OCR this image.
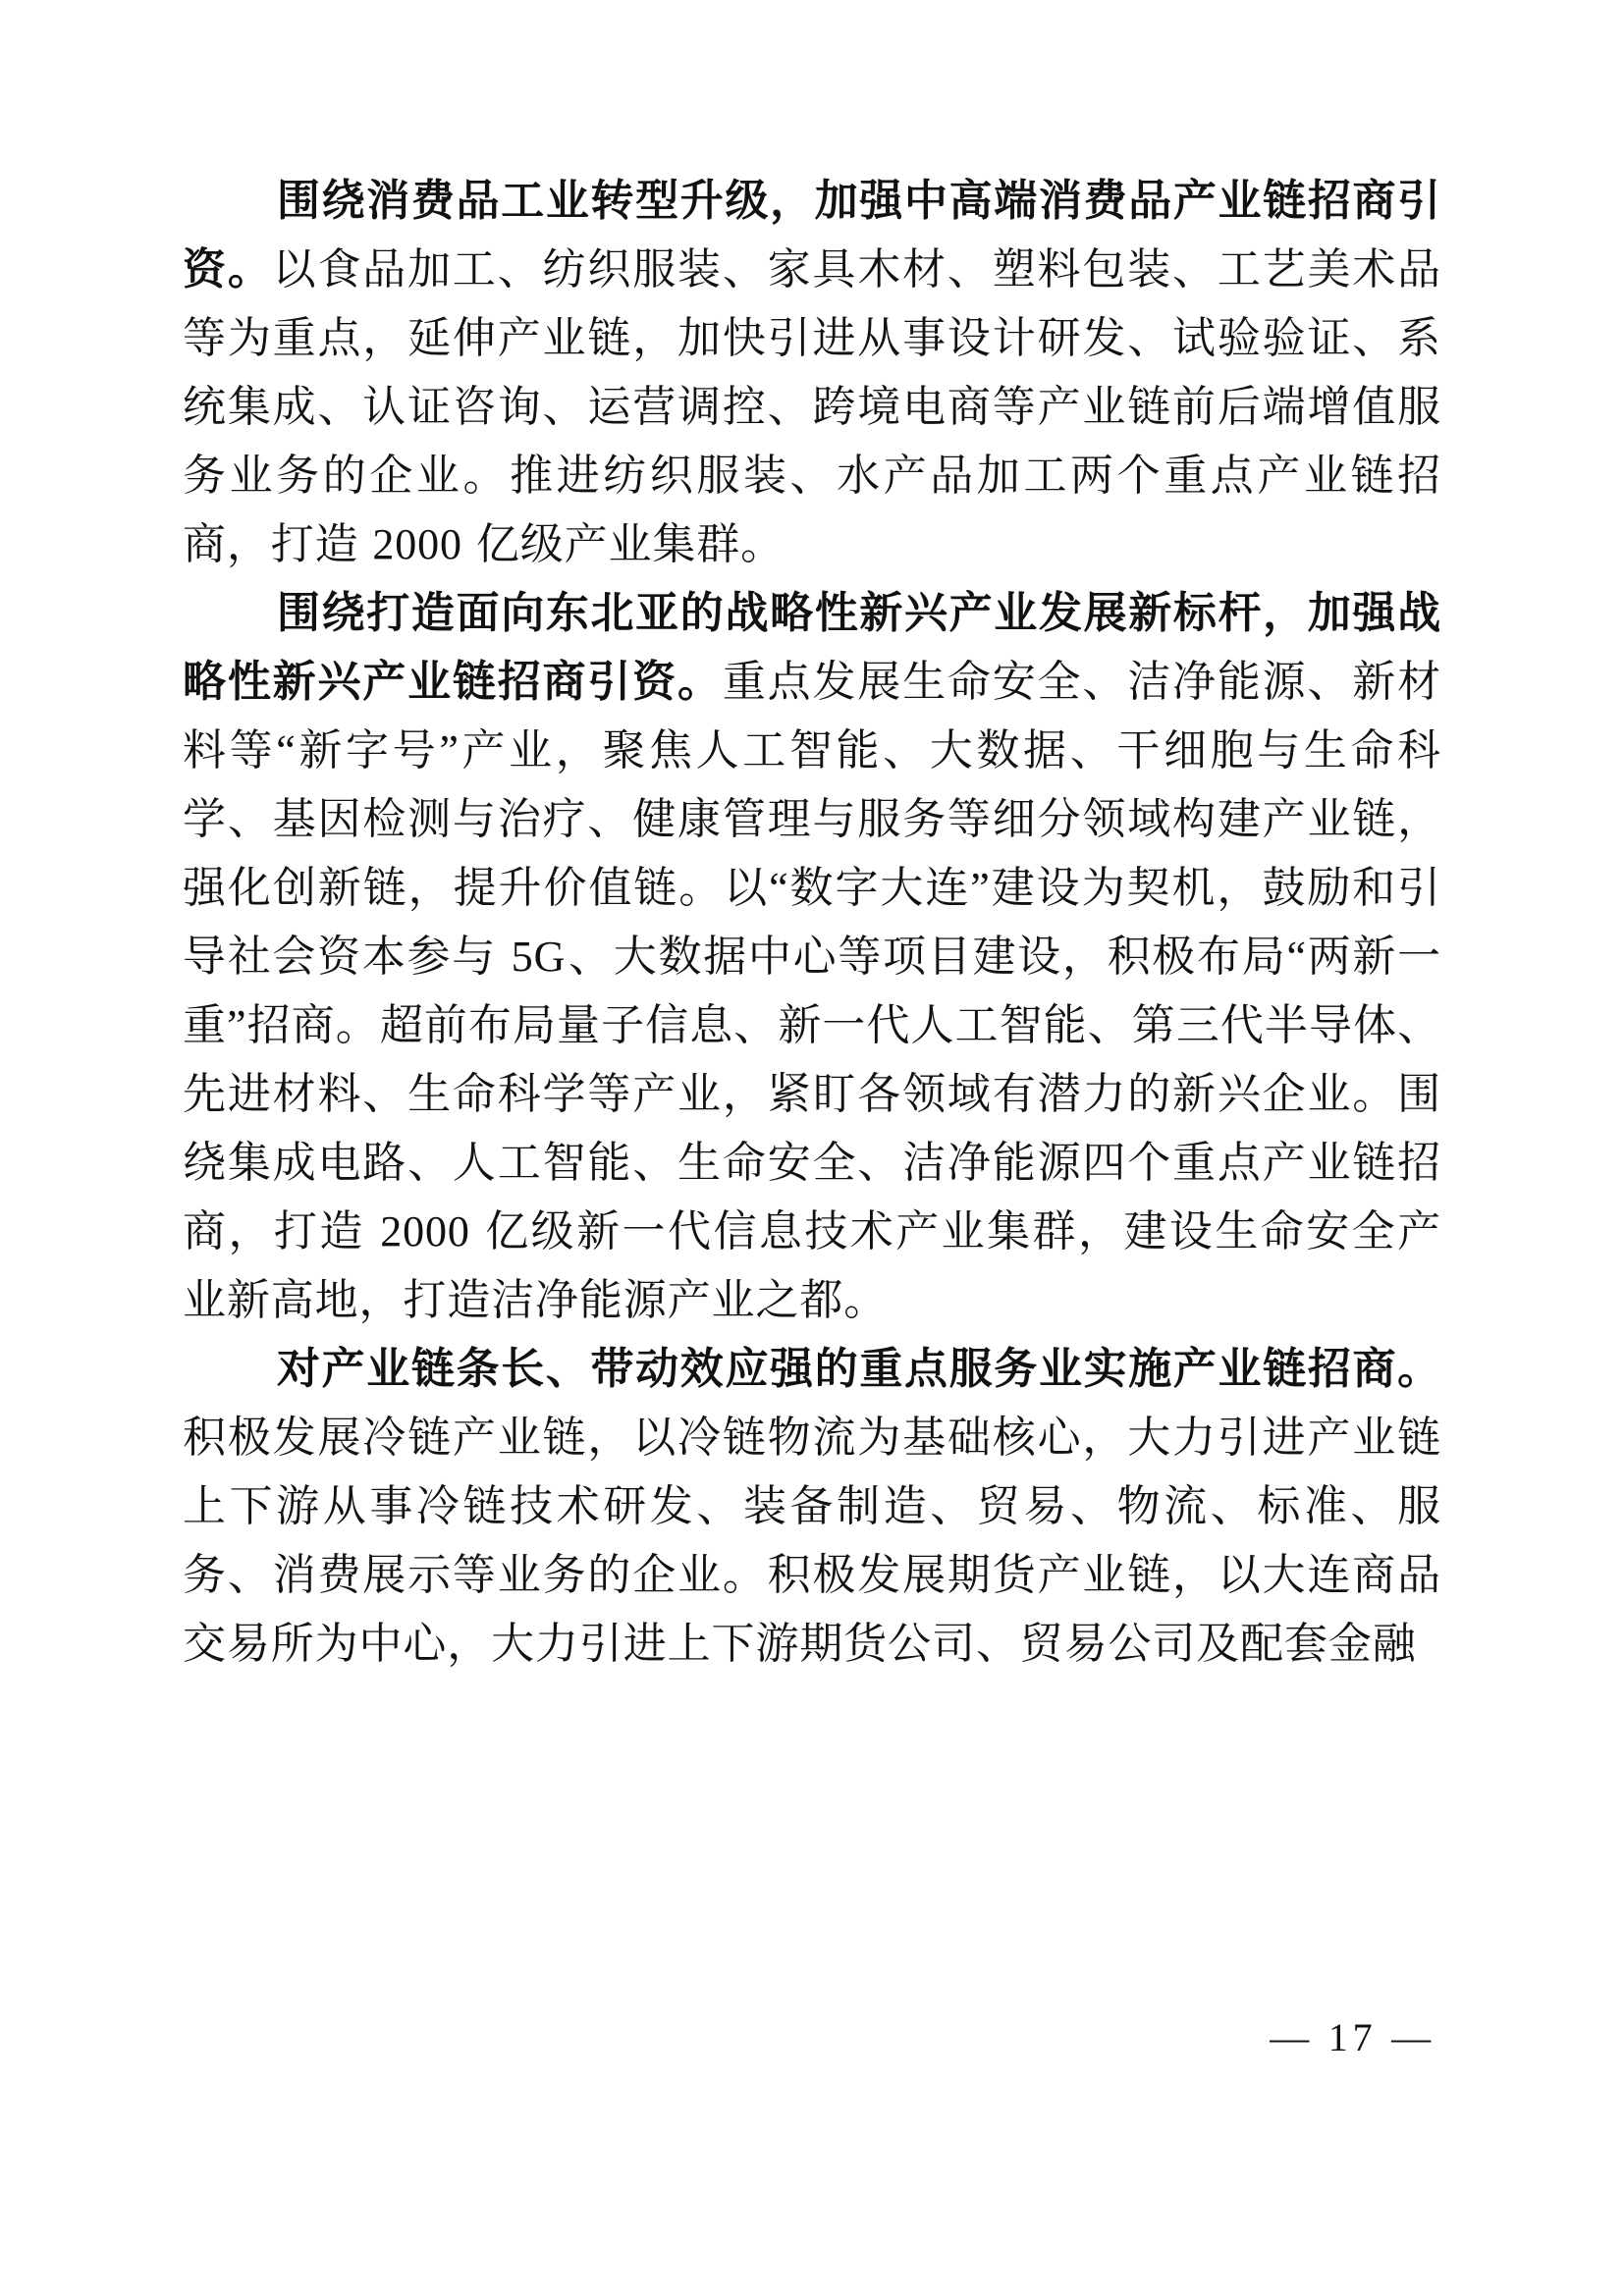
围绕消费品工业转型升级，加强中高端消费品产业链招商引资。以食品加工、纺织服装、家具木材、塑料包装、工艺美术品等为重点，延伸产业链，加快引进从事设计研发、试验验证、系统集成、认证咨询、运营调控、跨境电商等产业链前后端增值服务业务的企业。推进纺织服装、水产品加工两个重点产业链招商，打造 2000 亿级产业集群。

围绕打造面向东北亚的战略性新兴产业发展新标杆，加强战略性新兴产业链招商引资。重点发展生命安全、洁净能源、新材料等“新字号”产业，聚焦人工智能、大数据、干细胞与生命科学、基因检测与治疗、健康管理与服务等细分领域构建产业链，强化创新链，提升价值链。以“数字大连”建设为契机，鼓励和引导社会资本参与 5G、大数据中心等项目建设，积极布局“两新一重”招商。超前布局量子信息、新一代人工智能、第三代半导体、先进材料、生命科学等产业，紧盯各领域有潜力的新兴企业。围绕集成电路、人工智能、生命安全、洁净能源四个重点产业链招商，打造 2000 亿级新一代信息技术产业集群，建设生命安全产业新高地，打造洁净能源产业之都。

对产业链条长、带动效应强的重点服务业实施产业链招商。积极发展冷链产业链，以冷链物流为基础核心，大力引进产业链上下游从事冷链技术研发、装备制造、贸易、物流、标准、服务、消费展示等业务的企业。积极发展期货产业链，以大连商品交易所为中心，大力引进上下游期货公司、贸易公司及配套金融

— 17 —
